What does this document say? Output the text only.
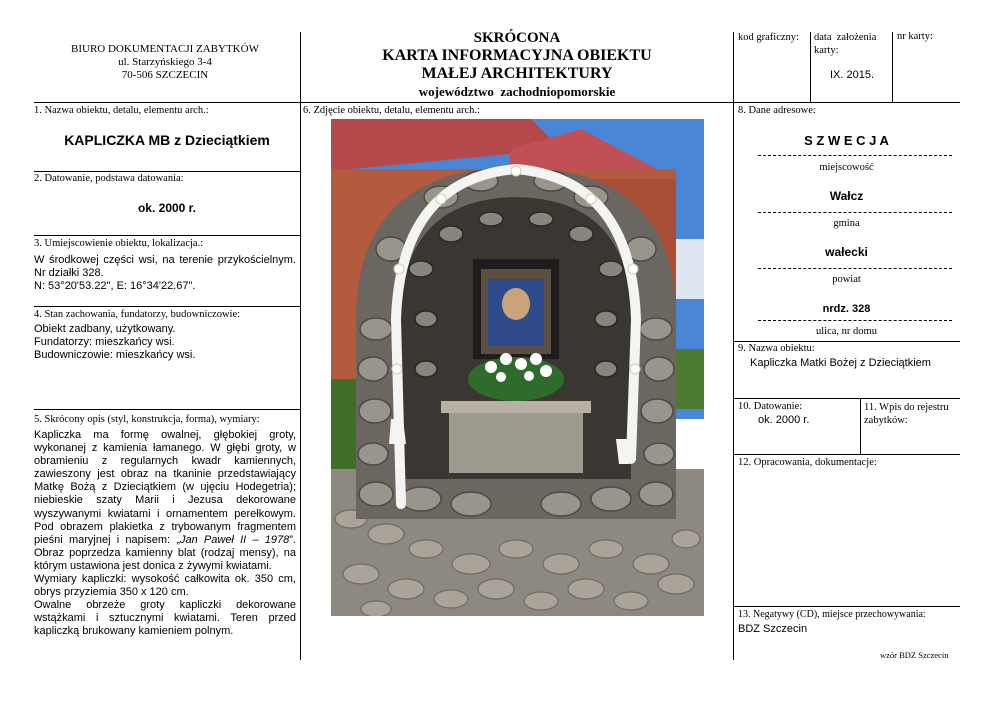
BIURO DOKUMENTACJI ZABYTKÓW
ul. Starzyńskiego 3-4
70-506 SZCZECIN
SKRÓCONA
KARTA INFORMACYJNA OBIEKTU
MAŁEJ ARCHITEKTURY
województwo  zachodniopomorskie
kod graficzny:	data  założenia karty:
IX. 2015.
nr karty:
1. Nazwa obiektu, detalu, elementu arch.:
KAPLICZKA MB z Dzieciątkiem
2. Datowanie, podstawa datowania:
ok. 2000 r.
3. Umiejscowienie obiektu, lokalizacja.:
W środkowej części wsi, na terenie przykościelnym. Nr działki 328.
N: 53°20'53.22", E: 16°34'22.67".
4. Stan zachowania, fundatorzy, budowniczowie:
Obiekt zadbany, użytkowany.
Fundatorzy: mieszkańcy wsi.
Budowniczowie: mieszkańcy wsi.
5. Skrócony opis (styl, konstrukcja, forma), wymiary:
Kapliczka ma formę owalnej, głębokiej groty, wykonanej z kamienia łamanego. W głębi groty, w obramieniu z regularnych kwadr kamiennych, zawieszony jest obraz na tkaninie przedstawiający Matkę Bożą z Dzieciątkiem (w ujęciu Hodegetria); niebieskie szaty Marii i Jezusa dekorowane wyszywanymi kwiatami i ornamentem perełkowym. Pod obrazem plakietka z trybowanym fragmentem pieśni maryjnej i napisem: „Jan Paweł II – 1978”. Obraz poprzedza kamienny blat (rodzaj mensy), na którym ustawiona jest donica z żywymi kwiatami.
Wymiary kapliczki: wysokość całkowita ok. 350 cm, obrys przyziemia 350 x 120 cm.
Owalne obrzeże groty kapliczki dekorowane wstążkami i sztucznymi kwiatami. Teren przed kapliczką brukowany kamieniem polnym.
6. Zdjęcie obiektu, detalu, elementu arch.:	8. Dane adresowe:
S Z W E C J A
miejscowość
Wałcz
gmina
wałecki
powiat
nrdz. 328
ulica, nr domu
9. Nazwa obiektu:
Kapliczka Matki Bożej z Dzieciątkiem
10. Datowanie:
ok. 2000 r.
11. Wpis do rejestru zabytków:
12. Opracowania, dokumentacje:
13. Negatywy (CD), miejsce przechowywania:
BDZ Szczecin
wzór BDZ Szczecin
